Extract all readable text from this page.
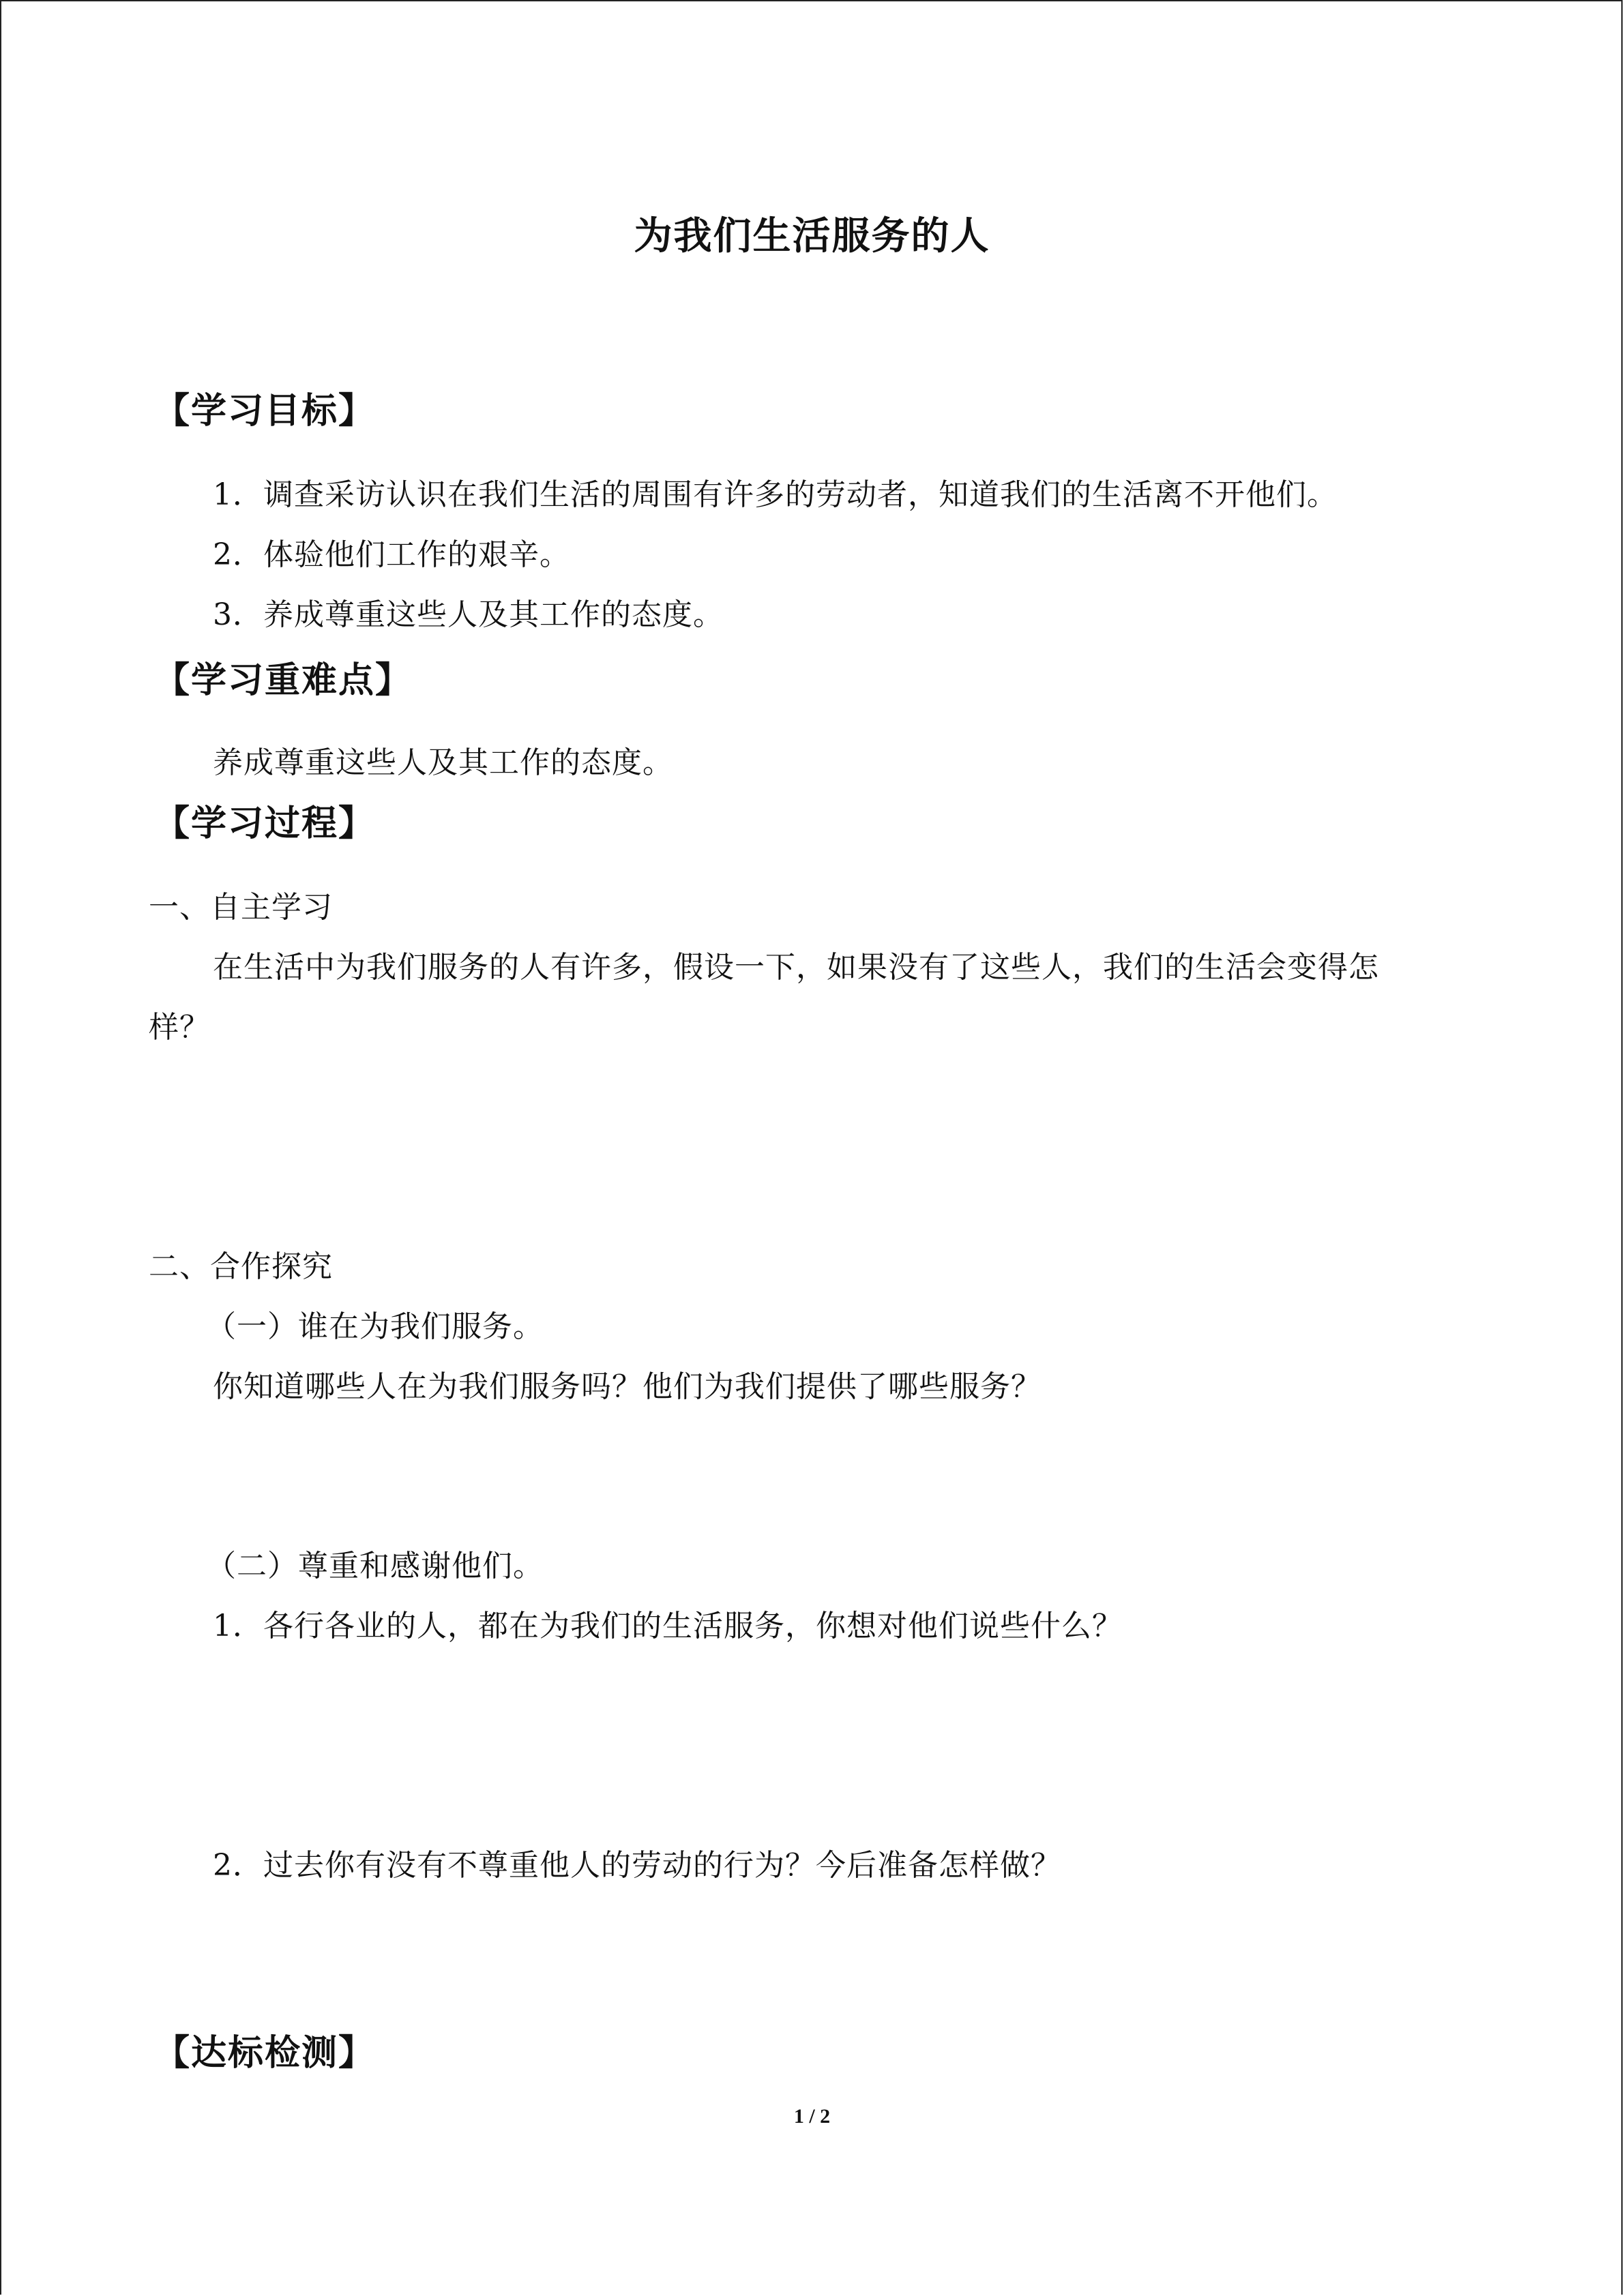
为我们生活服务的人
【学习目标】

1．调查采访认识在我们生活的周围有许多的劳动者，知道我们的生活离不开他们。

2．体验他们工作的艰辛。

3．养成尊重这些人及其工作的态度。

【学习重难点】

养成尊重这些人及其工作的态度。

【学习过程】

一、自主学习

在生活中为我们服务的人有许多，假设一下，如果没有了这些人，我们的生活会变得怎

样？

二、合作探究

（一）谁在为我们服务。

你知道哪些人在为我们服务吗？他们为我们提供了哪些服务？

（二）尊重和感谢他们。

1．各行各业的人，都在为我们的生活服务，你想对他们说些什么？

2．过去你有没有不尊重他人的劳动的行为？今后准备怎样做？

【达标检测】

1 / 2
